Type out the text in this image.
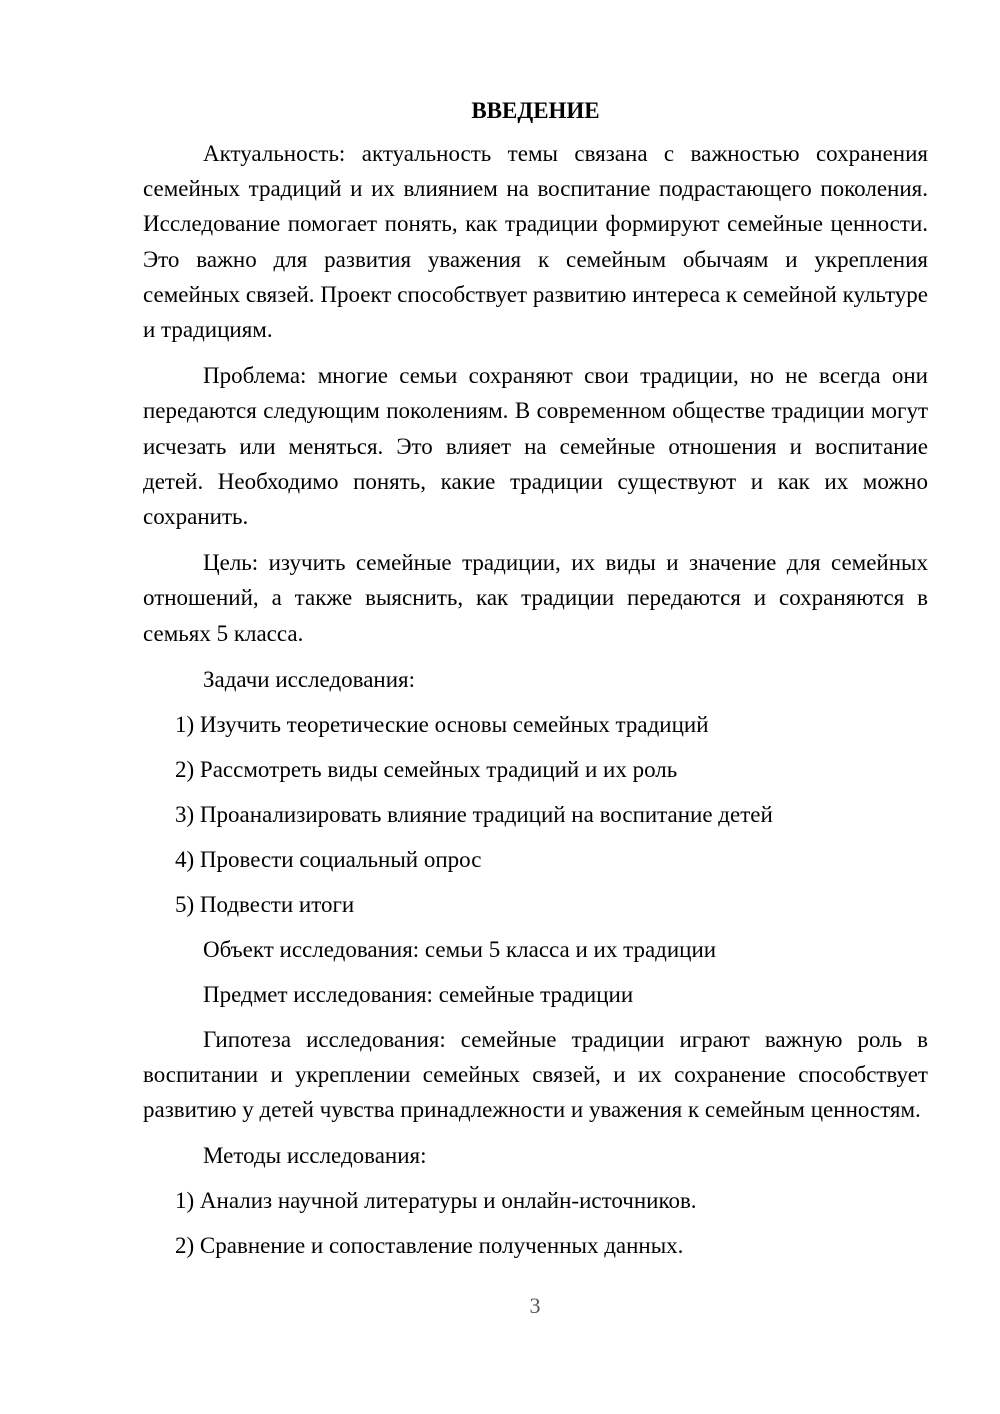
ВВЕДЕНИЕ

Актуальность: актуальность темы связана с важностью сохранения семейных традиций и их влиянием на воспитание подрастающего поколения. Исследование помогает понять, как традиции формируют семейные ценности. Это важно для развития уважения к семейным обычаям и укрепления семейных связей. Проект способствует развитию интереса к семейной культуре и традициям.

Проблема: многие семьи сохраняют свои традиции, но не всегда они передаются следующим поколениям. В современном обществе традиции могут исчезать или меняться. Это влияет на семейные отношения и воспитание детей. Необходимо понять, какие традиции существуют и как их можно сохранить.

Цель: изучить семейные традиции, их виды и значение для семейных отношений, а также выяснить, как традиции передаются и сохраняются в семьях 5 класса.

Задачи исследования:
1) Изучить теоретические основы семейных традиций
2) Рассмотреть виды семейных традиций и их роль
3) Проанализировать влияние традиций на воспитание детей
4) Провести социальный опрос
5) Подвести итоги
Объект исследования: семьи 5 класса и их традиции
Предмет исследования: семейные традиции

Гипотеза исследования: семейные традиции играют важную роль в воспитании и укреплении семейных связей, и их сохранение способствует развитию у детей чувства принадлежности и уважения к семейным ценностям.

Методы исследования:
1) Анализ научной литературы и онлайн-источников.
2) Сравнение и сопоставление полученных данных.
3
